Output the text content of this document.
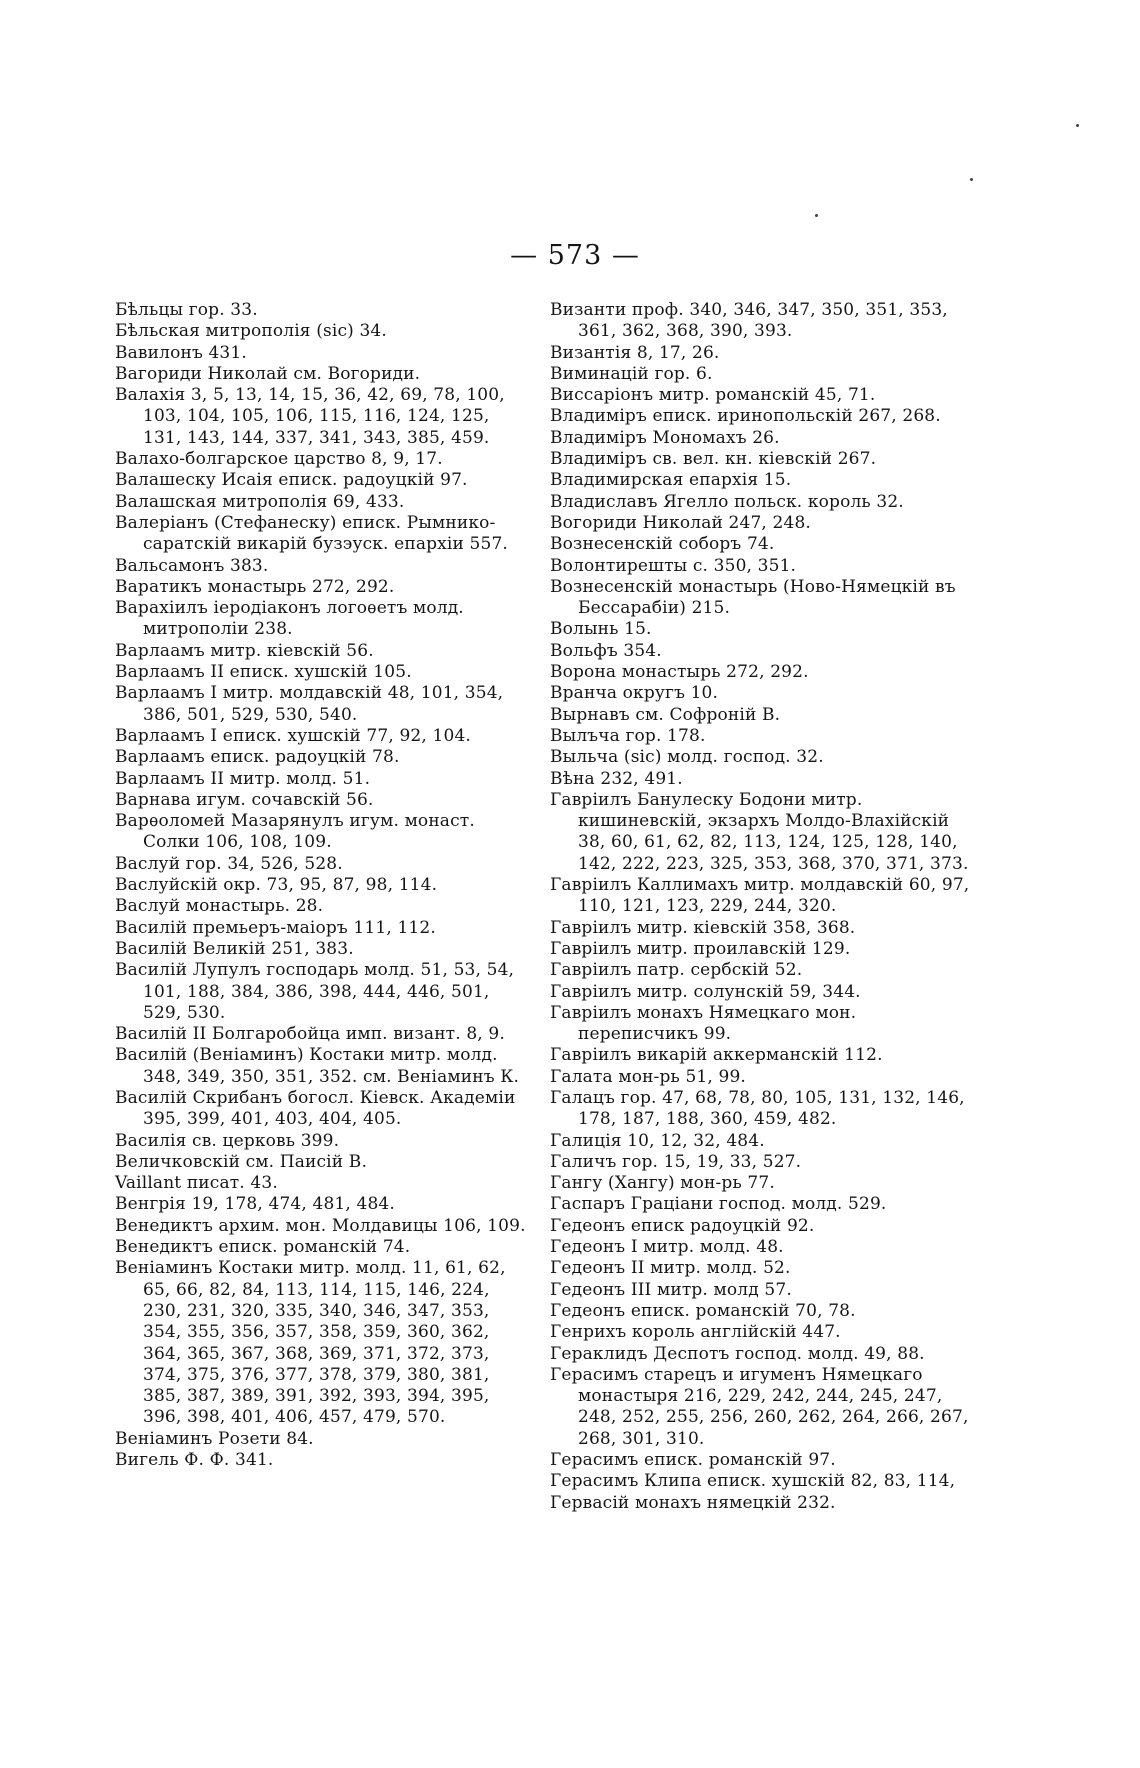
— 573 —
Бѣльцы гор. 33.
Бѣльская митрополія (sic) 34.
Вавилонъ 431.
Вагориди Николай см. Вогориди.
Валахія 3, 5, 13, 14, 15, 36, 42, 69, 78, 100, 103, 104, 105, 106, 115, 116, 124, 125, 131, 143, 144, 337, 341, 343, 385, 459.
Валахо-болгарское царство 8, 9, 17.
Валашеску Исаія еписк. радоуцкій 97.
Валашская митрополія 69, 433.
Валеріанъ (Стефанеску) еписк. Рымнико-саратскій викарій бузэуск. епархіи 557.
Вальсамонъ 383.
Варатикъ монастырь 272, 292.
Варахіилъ іеродіаконъ логоѳетъ молд. митрополіи 238.
Варлаамъ митр. кіевскій 56.
Варлаамъ II еписк. хушскій 105.
Варлаамъ I митр. молдавскій 48, 101, 354, 386, 501, 529, 530, 540.
Варлаамъ I еписк. хушскій 77, 92, 104.
Варлаамъ еписк. радоуцкій 78.
Варлаамъ II митр. молд. 51.
Варнава игум. сочавскій 56.
Варѳоломей Мазарянулъ игум. монаст. Солки 106, 108, 109.
Васлуй гор. 34, 526, 528.
Васлуйскій окр. 73, 95, 87, 98, 114.
Васлуй монастырь. 28.
Василій премьеръ-маіоръ 111, 112.
Василій Великій 251, 383.
Василій Лупулъ господарь молд. 51, 53, 54, 101, 188, 384, 386, 398, 444, 446, 501, 529, 530.
Василій II Болгаробойца имп. визант. 8, 9.
Василій (Веніаминъ) Костаки митр. молд. 348, 349, 350, 351, 352. см. Веніаминъ К.
Василій Скрибанъ богосл. Кіевск. Академіи 395, 399, 401, 403, 404, 405.
Василія св. церковь 399.
Величковскій см. Паисій В.
Vaillant писат. 43.
Венгрія 19, 178, 474, 481, 484.
Венедиктъ архим. мон. Молдавицы 106, 109.
Венедиктъ еписк. романскій 74.
Веніаминъ Костаки митр. молд. 11, 61, 62, 65, 66, 82, 84, 113, 114, 115, 146, 224, 230, 231, 320, 335, 340, 346, 347, 353, 354, 355, 356, 357, 358, 359, 360, 362, 364, 365, 367, 368, 369, 371, 372, 373, 374, 375, 376, 377, 378, 379, 380, 381, 385, 387, 389, 391, 392, 393, 394, 395, 396, 398, 401, 406, 457, 479, 570.
Веніаминъ Розети 84.
Вигель Ф. Ф. 341.
Византи проф. 340, 346, 347, 350, 351, 353, 361, 362, 368, 390, 393.
Византія 8, 17, 26.
Виминацій гор. 6.
Виссаріонъ митр. романскій 45, 71.
Владиміръ еписк. иринопольскій 267, 268.
Владиміръ Мономахъ 26.
Владиміръ св. вел. кн. кіевскій 267.
Владимирская епархія 15.
Владиславъ Ягелло польск. король 32.
Вогориди Николай 247, 248.
Вознесенскій соборъ 74.
Волонтирешты с. 350, 351.
Вознесенскій монастырь (Ново-Нямецкій въ Бессарабіи) 215.
Волынь 15.
Вольфъ 354.
Ворона монастырь 272, 292.
Вранча округъ 10.
Вырнавъ см. Софроній В.
Вылъча гор. 178.
Выльча (sic) молд. господ. 32.
Вѣна 232, 491.
Гавріилъ Банулеску Бодони митр. кишиневскій, экзархъ Молдо-Влахійскій 38, 60, 61, 62, 82, 113, 124, 125, 128, 140, 142, 222, 223, 325, 353, 368, 370, 371, 373.
Гавріилъ Каллимахъ митр. молдавскій 60, 97, 110, 121, 123, 229, 244, 320.
Гавріилъ митр. кіевскій 358, 368.
Гавріилъ митр. проилавскій 129.
Гавріилъ патр. сербскій 52.
Гавріилъ митр. солунскій 59, 344.
Гавріилъ монахъ Нямецкаго мон. переписчикъ 99.
Гавріилъ викарій аккерманскій 112.
Галата мон-рь 51, 99.
Галацъ гор. 47, 68, 78, 80, 105, 131, 132, 146, 178, 187, 188, 360, 459, 482.
Галиція 10, 12, 32, 484.
Галичъ гор. 15, 19, 33, 527.
Гангу (Хангу) мон-рь 77.
Гаспаръ Граціани господ. молд. 529.
Гедеонъ еписк радоуцкій 92.
Гедеонъ I митр. молд. 48.
Гедеонъ II митр. молд. 52.
Гедеонъ III митр. молд 57.
Гедеонъ еписк. романскій 70, 78.
Генрихъ король англійскій 447.
Гераклидъ Деспотъ господ. молд. 49, 88.
Герасимъ старецъ и игуменъ Нямецкаго монастыря 216, 229, 242, 244, 245, 247, 248, 252, 255, 256, 260, 262, 264, 266, 267, 268, 301, 310.
Герасимъ еписк. романскій 97.
Герасимъ Клипа еписк. хушскій 82, 83, 114,
Гервасій монахъ нямецкій 232.
